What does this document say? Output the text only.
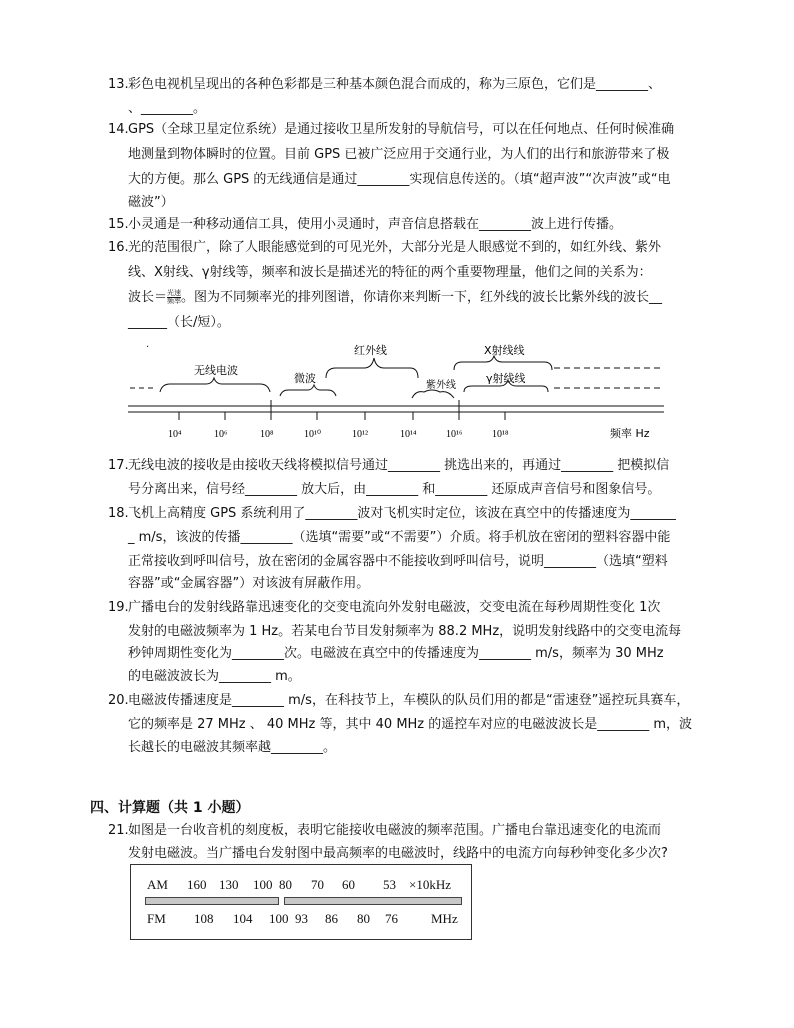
13. 彩色电视机呈现出的各种色彩都是三种基本颜色混合而成的，称为三原色，它们是________、
、________。
14. GPS（全球卫星定位系统）是通过接收卫星所发射的导航信号，可以在任何地点、任何时候准确
地测量到物体瞬时的位置。目前 GPS 已被广泛应用于交通行业，为人们的出行和旅游带来了极
大的方便。那么 GPS 的无线通信是通过________实现信息传送的。（填“超声波”“次声波”或“电
磁波”）
15. 小灵通是一种移动通信工具，使用小灵通时，声音信息搭载在________波上进行传播。
16. 光的范围很广，除了人眼能感觉到的可见光外，大部分光是人眼感觉不到的，如红外线、紫外
线、X射线、γ射线等，频率和波长是描述光的特征的两个重要物理量，他们之间的关系为：
波长＝ $\frac{\text{光速}}{\text{频率}}$ 。图为不同频率光的排列图谱，你请你来判断一下，红外线的波长比紫外线的波长__
______（长/短）。
·
10⁴	10⁶	10⁸	10¹⁰	10¹²	10¹⁴	10¹⁶	10¹⁸	频率 Hz
无线电波
微波
红外线
紫外线
X射线线
γ射线线
17. 无线电波的接收是由接收天线将模拟信号通过________ 挑选出来的，再通过________ 把模拟信
号分离出来，信号经________ 放大后，由________ 和________ 还原成声音信号和图象信号。
18. 飞机上高精度 GPS 系统利用了________波对飞机实时定位，该波在真空中的传播速度为_______
_ m/s，该波的传播________（选填“需要”或“不需要”）介质。将手机放在密闭的塑料容器中能
正常接收到呼叫信号，放在密闭的金属容器中不能接收到呼叫信号，说明________（选填“塑料
容器”或“金属容器”）对该波有屏蔽作用。
19. 广播电台的发射线路靠迅速变化的交变电流向外发射电磁波，交变电流在每秒周期性变化 1次
发射的电磁波频率为 1 Hz。若某电台节目发射频率为 88.2 MHz，说明发射线路中的交变电流每
秒钟周期性变化为________次。电磁波在真空中的传播速度为________ m/s，频率为 30 MHz
的电磁波波长为________ m。
20. 电磁波传播速度是________ m/s，在科技节上，车模队的队员们用的都是“雷速登”遥控玩具赛车，
它的频率是 27 MHz 、 40 MHz 等，其中 40 MHz 的遥控车对应的电磁波波长是________ m，波
长越长的电磁波其频率越________。
四、计算题（共 1 小题）
21. 如图是一台收音机的刻度板，表明它能接收电磁波的频率范围。广播电台靠迅速变化的电流而
发射电磁波。当广播电台发射图中最高频率的电磁波时，线路中的电流方向每秒钟变化多少次?
AM 160 130 100 80 70 60 53 ×10kHz
FM 108 104 100 93 86 80 76	MHz
